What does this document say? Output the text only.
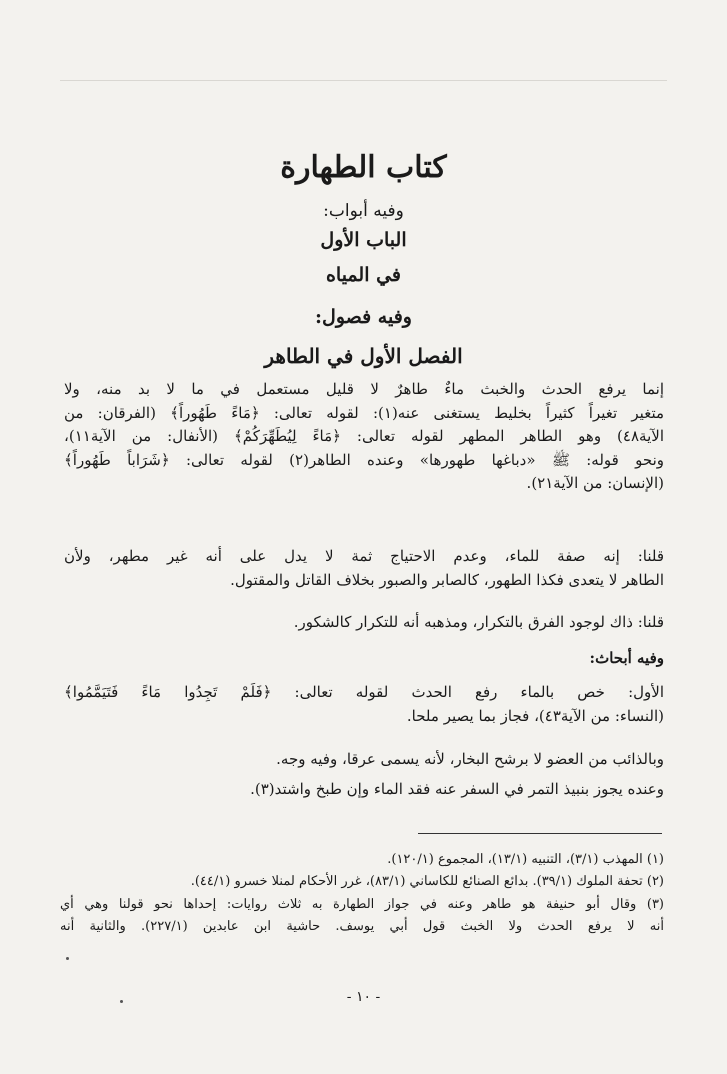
كتاب الطهارة
وفيه أبواب:
الباب الأول
في المياه
وفيه فصول:
الفصل الأول في الطاهر
إنما يرفع الحدث والخبث ماءٌ طاهرٌ لا قليل مستعمل في ما لا بد منه، ولا
متغير تغيراً كثيراً بخليط يستغنى عنه(١): لقوله تعالى: ﴿مَاءً طَهُوراً﴾ (الفرقان: من
الآية٤٨) وهو الطاهر المطهر لقوله تعالى: ﴿مَاءً لِيُطَهِّرَكُمْ﴾ (الأنفال: من الآية١١)،
ونحو قوله: ﷺ «دباغها طهورها» وعنده الطاهر(٢) لقوله تعالى: ﴿شَرَاباً طَهُوراً﴾
(الإنسان: من الآية٢١).
قلنا: إنه صفة للماء، وعدم الاحتياج ثمة لا يدل على أنه غير مطهر، ولأن
الطاهر لا يتعدى فكذا الطهور، كالصابر والصبور بخلاف القاتل والمقتول.
قلنا: ذاك لوجود الفرق بالتكرار، ومذهبه أنه للتكرار كالشكور.
وفيه أبحاث:
الأول: خص بالماء رفع الحدث لقوله تعالى: ﴿فَلَمْ تَجِدُوا مَاءً فَتَيَمَّمُوا﴾
(النساء: من الآية٤٣)، فجاز بما يصير ملحا.
وبالذائب من العضو لا برشح البخار، لأنه يسمى عرقا، وفيه وجه.
وعنده يجوز بنبيذ التمر في السفر عنه فقد الماء وإن طبخ واشتد(٣).
(١) المهذب (٣/١)، التنبيه (١٣/١)، المجموع (١٢٠/١).
(٢) تحفة الملوك (٣٩/١). بدائع الصنائع للكاساني (٨٣/١)، غرر الأحكام لمنلا خسرو (٤٤/١).
(٣) وقال أبو حنيفة هو طاهر وعنه في جواز الطهارة به ثلاث روايات: إحداها نحو قولنا وهي أي
أنه لا يرفع الحدث ولا الخبث قول أبي يوسف. حاشية ابن عابدين (٢٢٧/١). والثانية أنه
- ١٠ -
